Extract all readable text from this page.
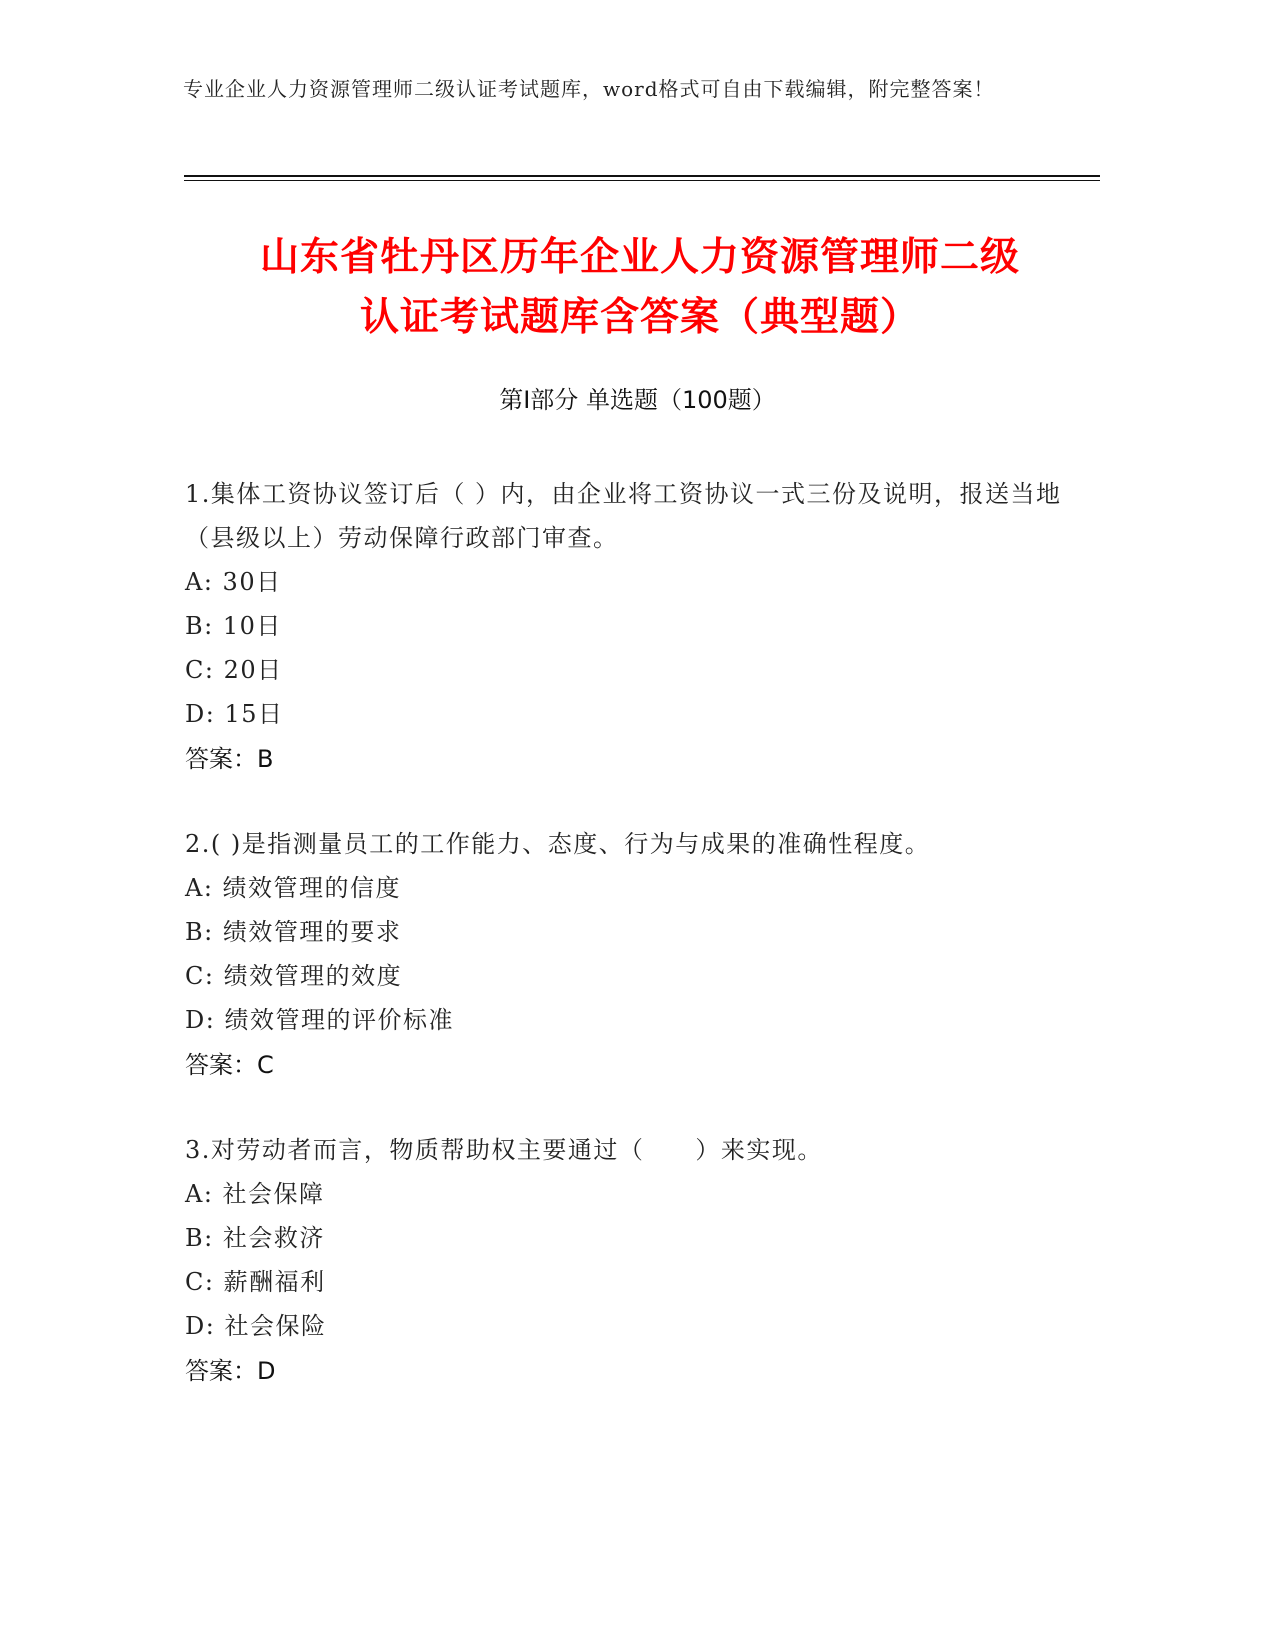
专业企业人力资源管理师二级认证考试题库，word格式可自由下载编辑，附完整答案！
山东省牡丹区历年企业人力资源管理师二级
认证考试题库含答案（典型题）
第I部分 单选题（100题）
1.集体工资协议签订后（ ）内，由企业将工资协议一式三份及说明，报送当地（县级以上）劳动保障行政部门审查。
A: 30日
B: 10日
C: 20日
D: 15日
答案：B
2.( )是指测量员工的工作能力、态度、行为与成果的准确性程度。
A: 绩效管理的信度
B: 绩效管理的要求
C: 绩效管理的效度
D: 绩效管理的评价标准
答案：C
3.对劳动者而言，物质帮助权主要通过（　　）来实现。
A: 社会保障
B: 社会救济
C: 薪酬福利
D: 社会保险
答案：D
